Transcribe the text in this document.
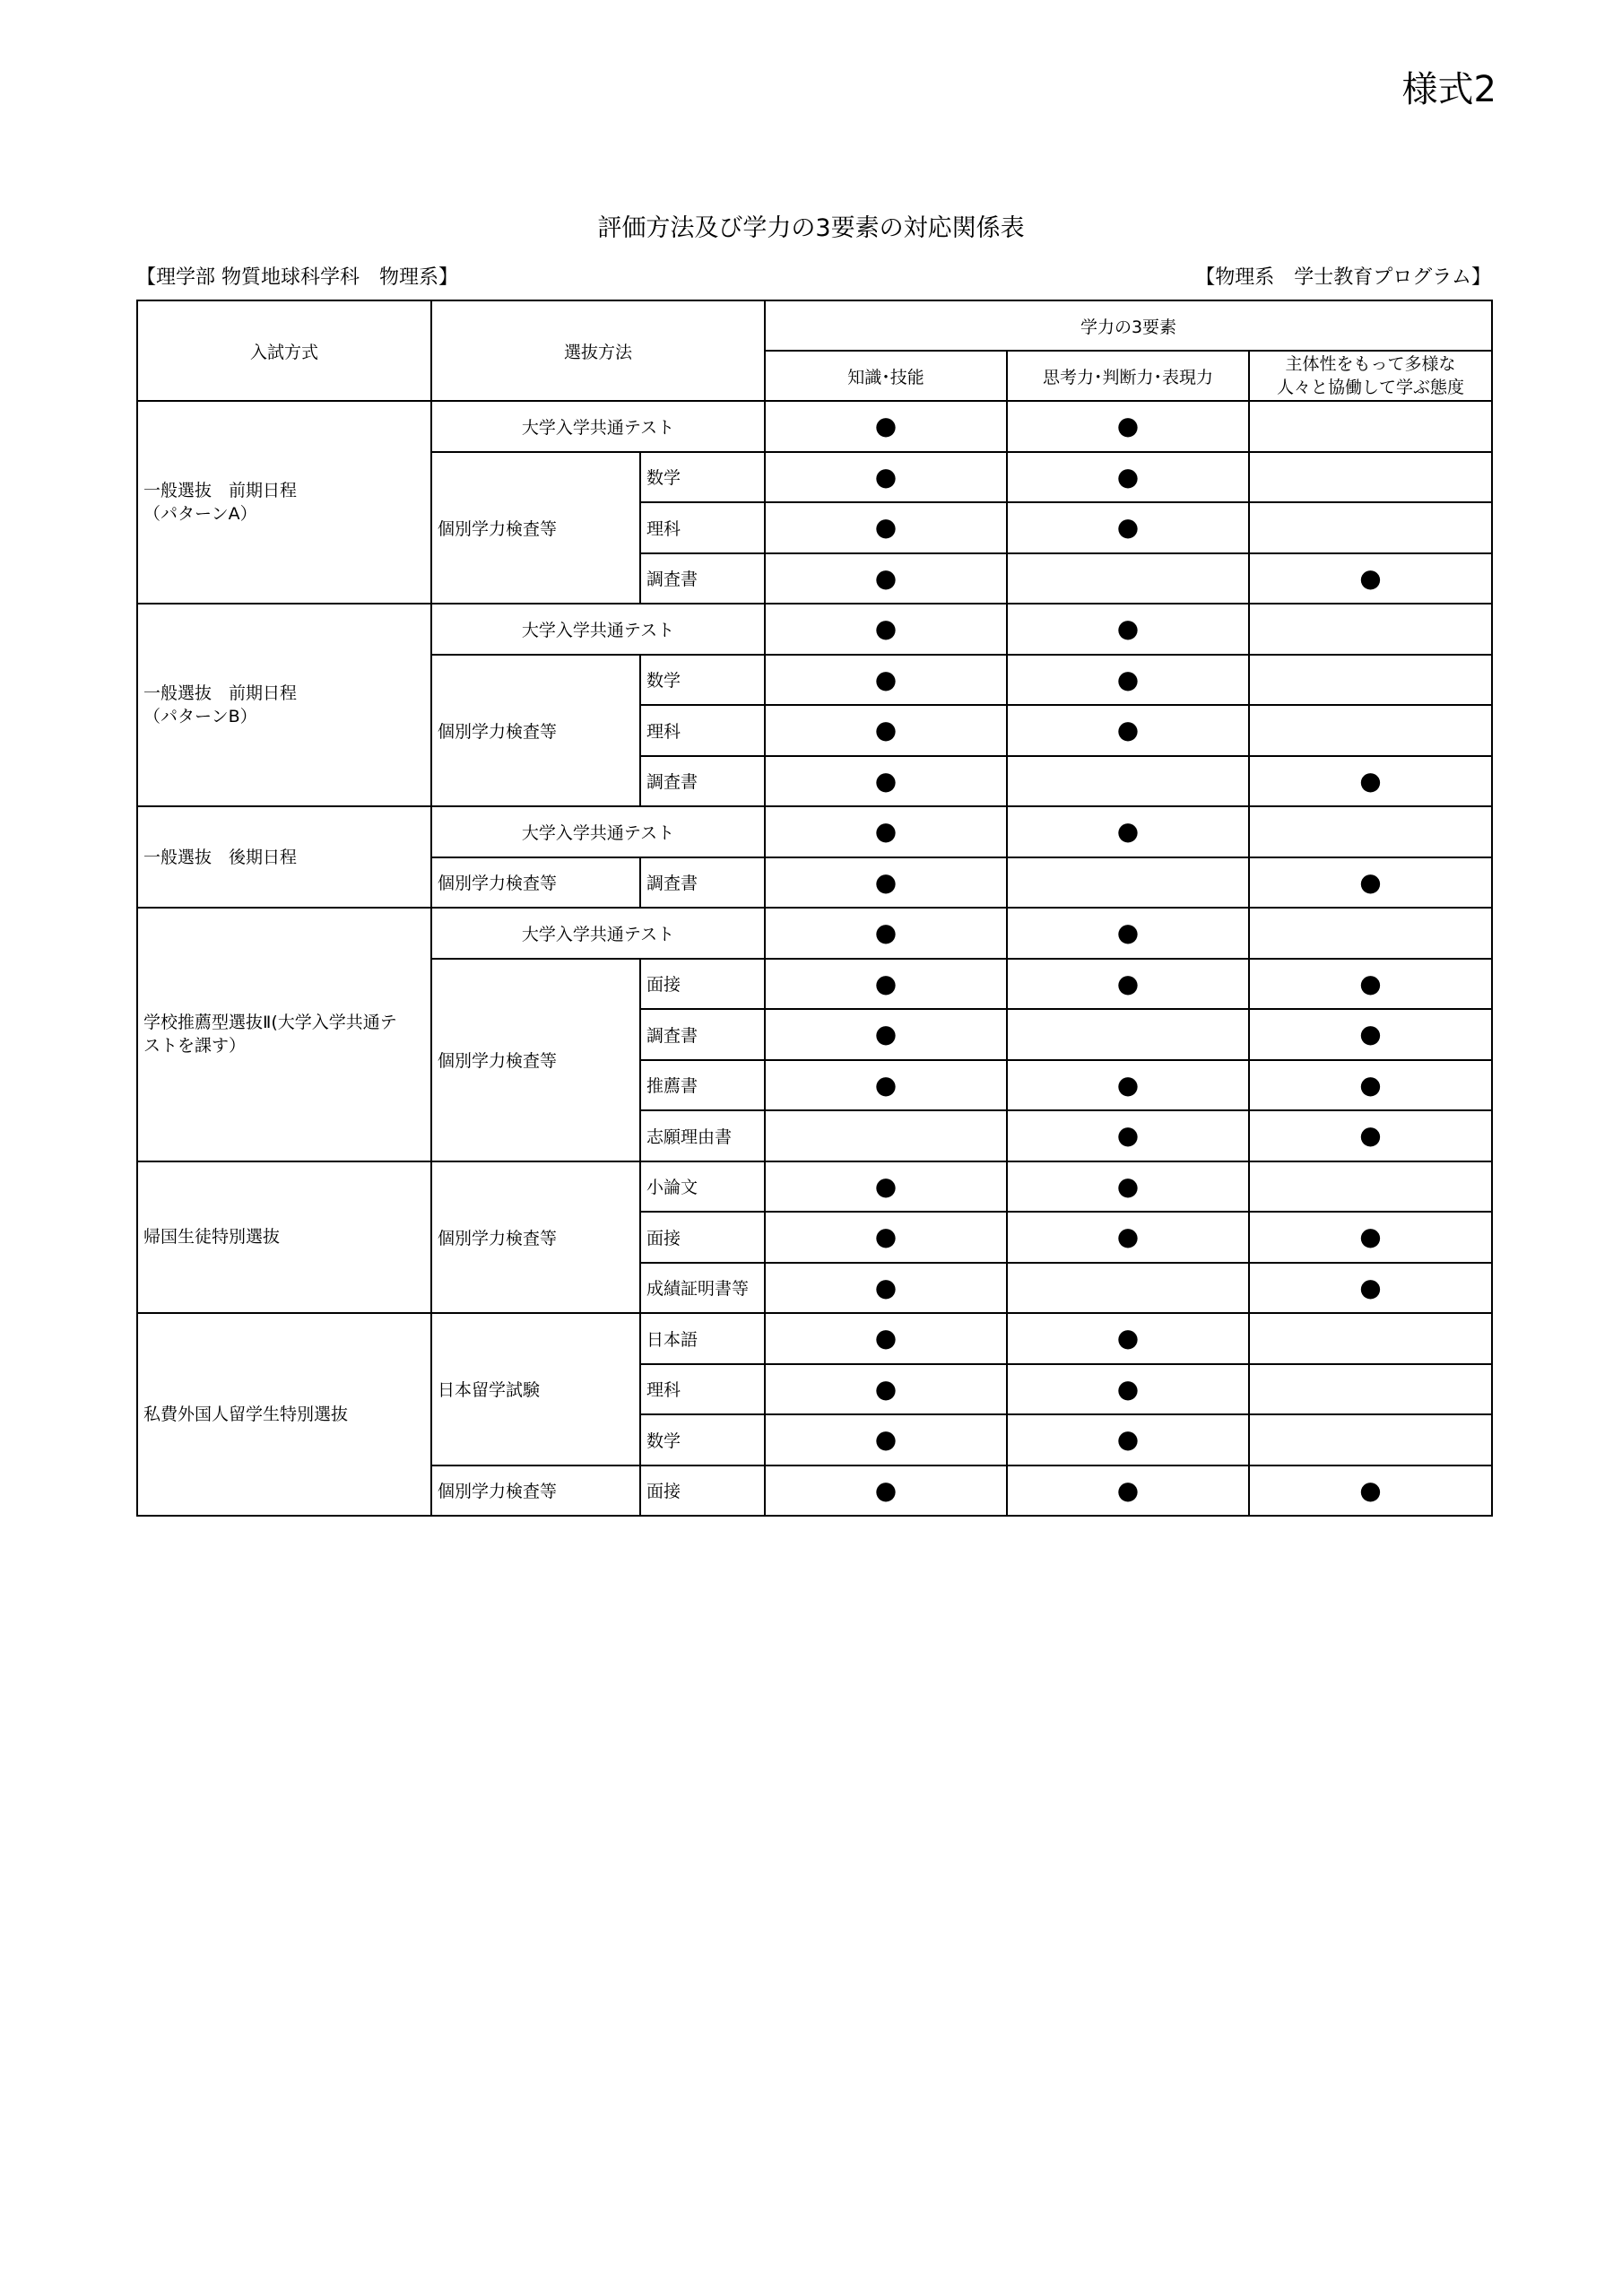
様式2
評価方法及び学力の3要素の対応関係表
【理学部 物質地球科学科　物理系】	【物理系　学士教育プログラム】
入試方式	選抜方法		学力の3要素		
			知識･技能	思考力･判断力･表現力	主体性をもって多様な
人々と協働して学ぶ態度

一般選抜　前期日程
（パターンA）	大学入学共通テスト		●	●	
	個別学力検査等	数学	●	●	
		理科	●	●	
		調査書	●		●

一般選抜　前期日程
（パターンB）	大学入学共通テスト		●	●	
	個別学力検査等	数学	●	●	
		理科	●	●	
		調査書	●		●

一般選抜　後期日程	大学入学共通テスト		●	●	
	個別学力検査等	調査書	●		●

学校推薦型選抜Ⅱ(大学入学共通テ
ストを課す）	大学入学共通テスト		●	●	
	個別学力検査等	面接	●	●	●
		調査書	●		●
		推薦書	●	●	●
		志願理由書		●	●

帰国生徒特別選抜	個別学力検査等	小論文	●	●	
		面接	●	●	●
		成績証明書等	●		●

私費外国人留学生特別選抜	日本留学試験	日本語	●	●	
		理科	●	●	
		数学	●	●	
	個別学力検査等	面接	●	●	●
